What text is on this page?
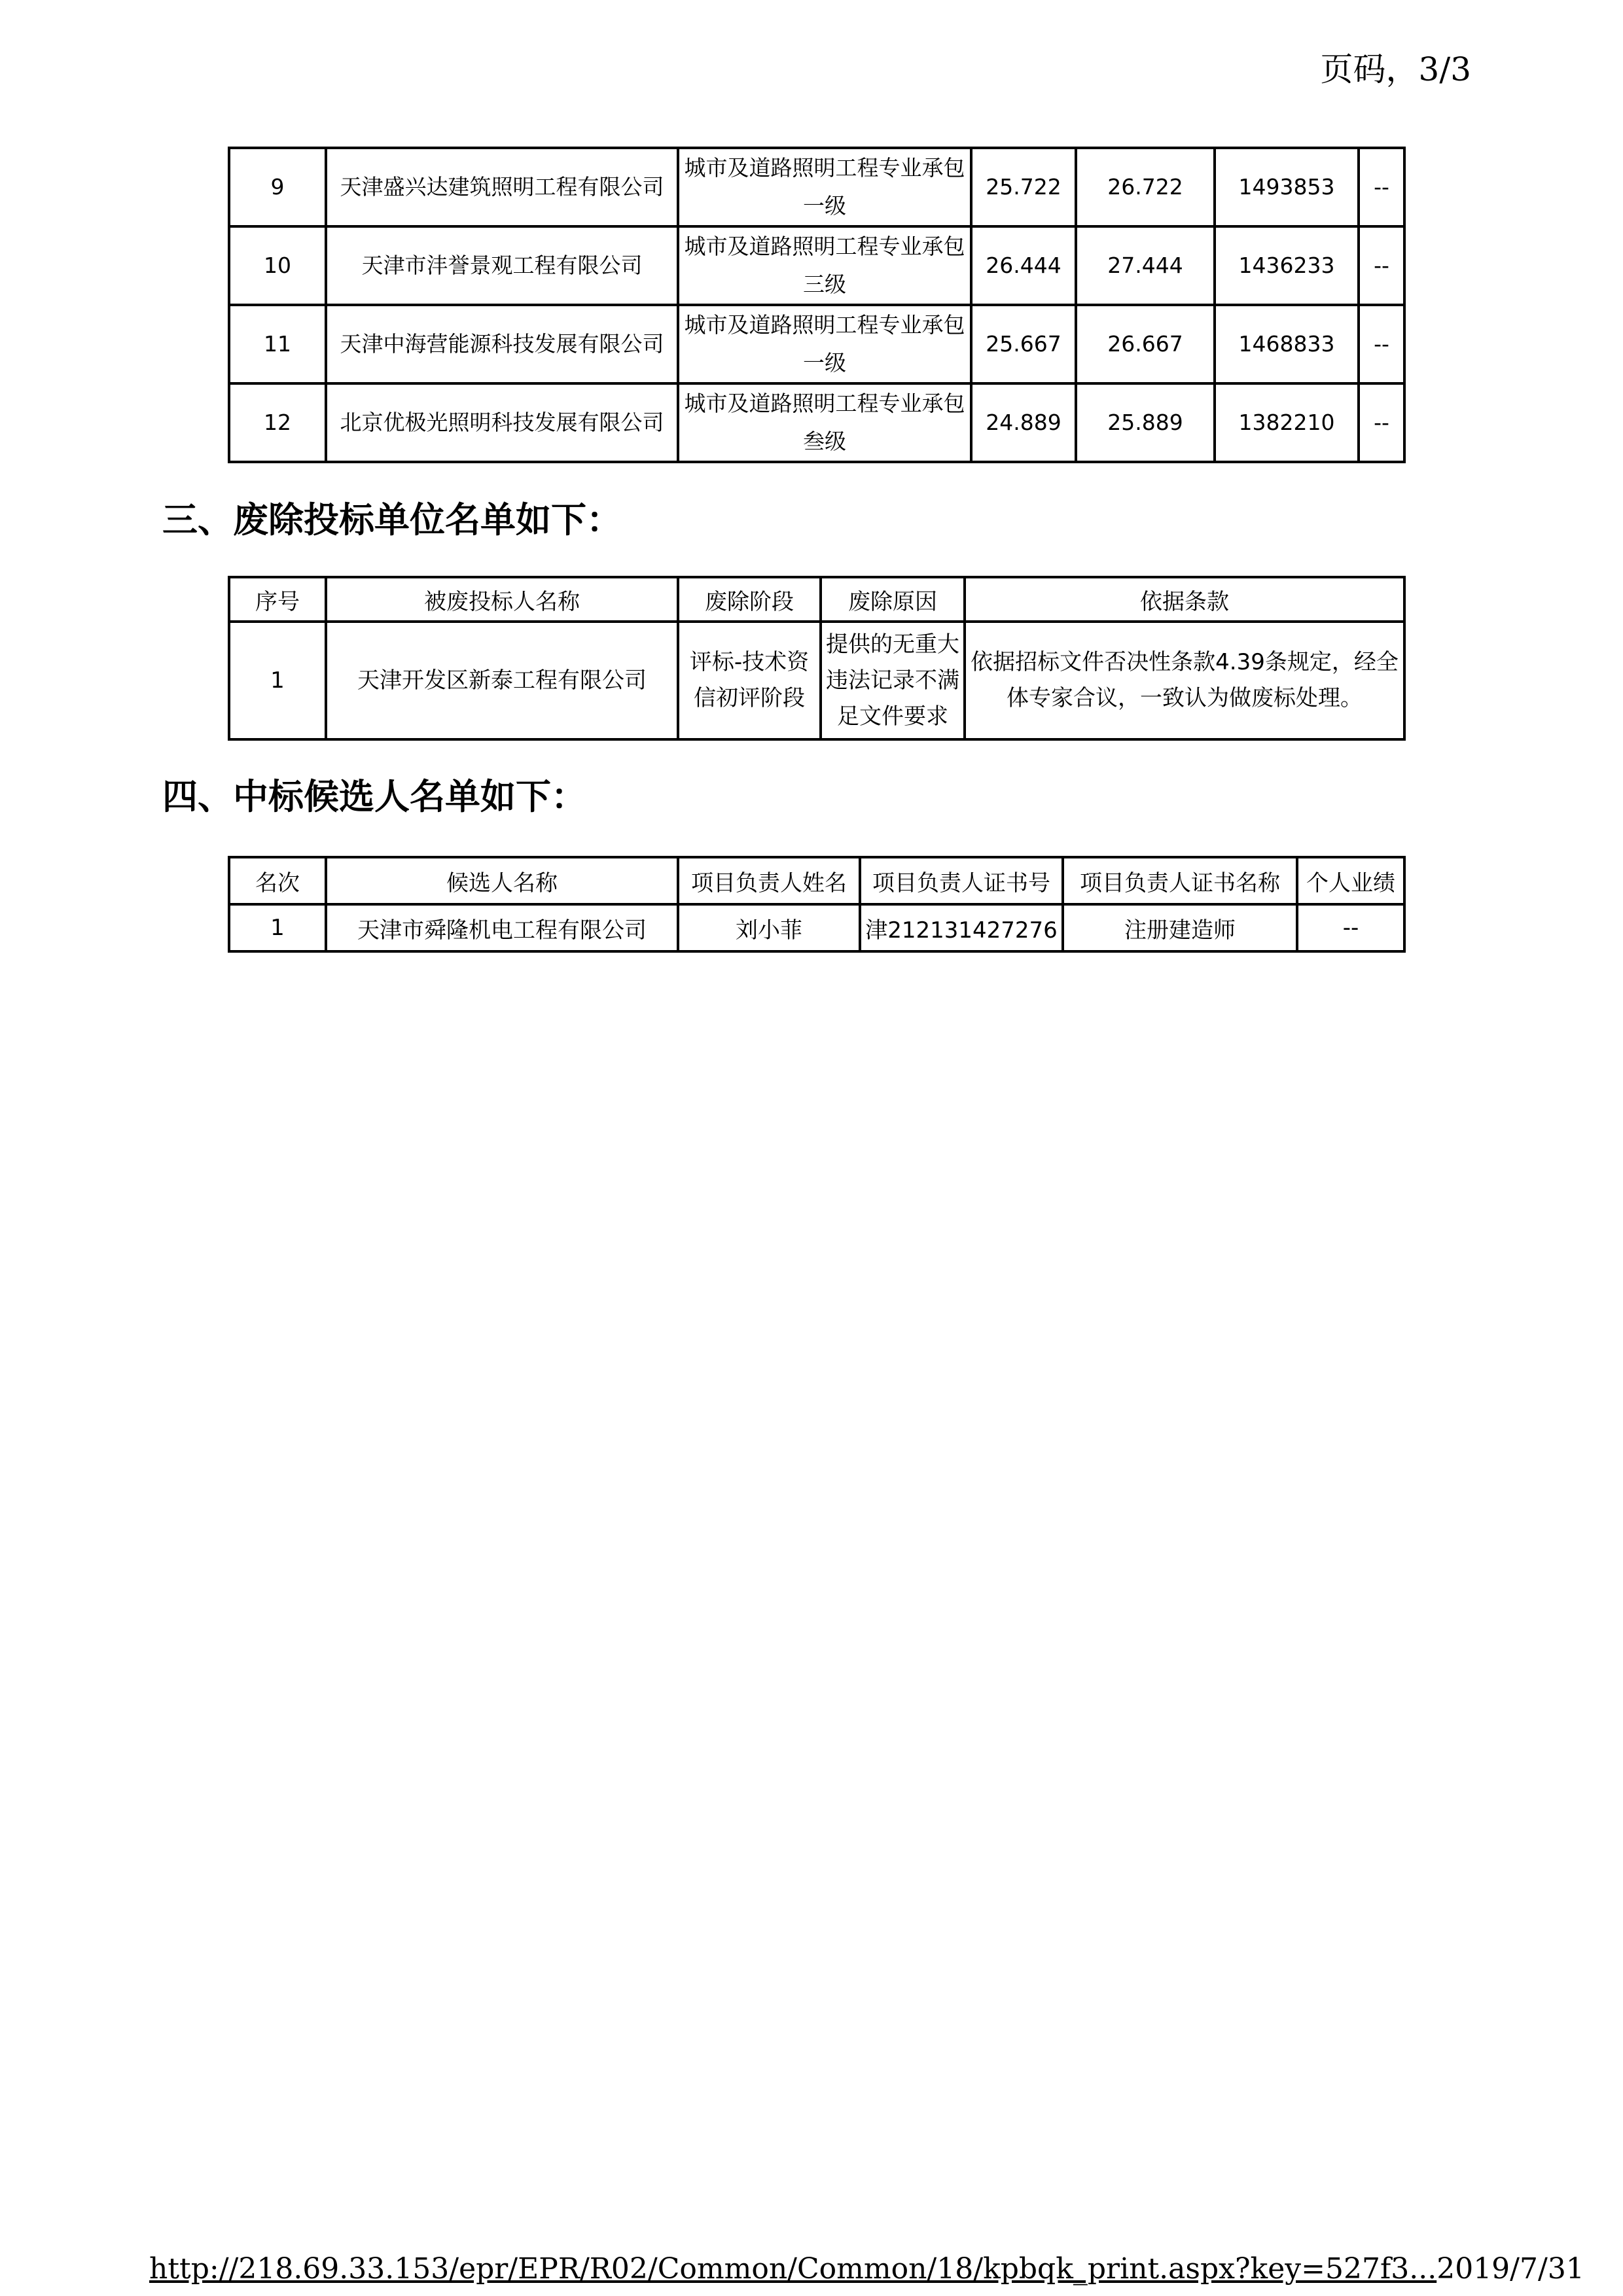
页码，3/3
9	天津盛兴达建筑照明工程有限公司	城市及道路照明工程专业承包一级	25.722	26.722	1493853	--
10	天津市沣誉景观工程有限公司	城市及道路照明工程专业承包三级	26.444	27.444	1436233	--
11	天津中海营能源科技发展有限公司	城市及道路照明工程专业承包一级	25.667	26.667	1468833	--
12	北京优极光照明科技发展有限公司	城市及道路照明工程专业承包叁级	24.889	25.889	1382210	--
三、废除投标单位名单如下：
序号	被废投标人名称	废除阶段	废除原因	依据条款
1	天津开发区新泰工程有限公司	评标-技术资信初评阶段	提供的无重大违法记录不满足文件要求	依据招标文件否决性条款4.39条规定，经全体专家合议，一致认为做废标处理。
四、中标候选人名单如下：
名次	候选人名称	项目负责人姓名	项目负责人证书号	项目负责人证书名称	个人业绩
1	天津市舜隆机电工程有限公司	刘小菲	津212131427276	注册建造师	--
http://218.69.33.153/epr/EPR/R02/Common/Common/18/kpbqk_print.aspx?key=527f3... 2019/7/31
